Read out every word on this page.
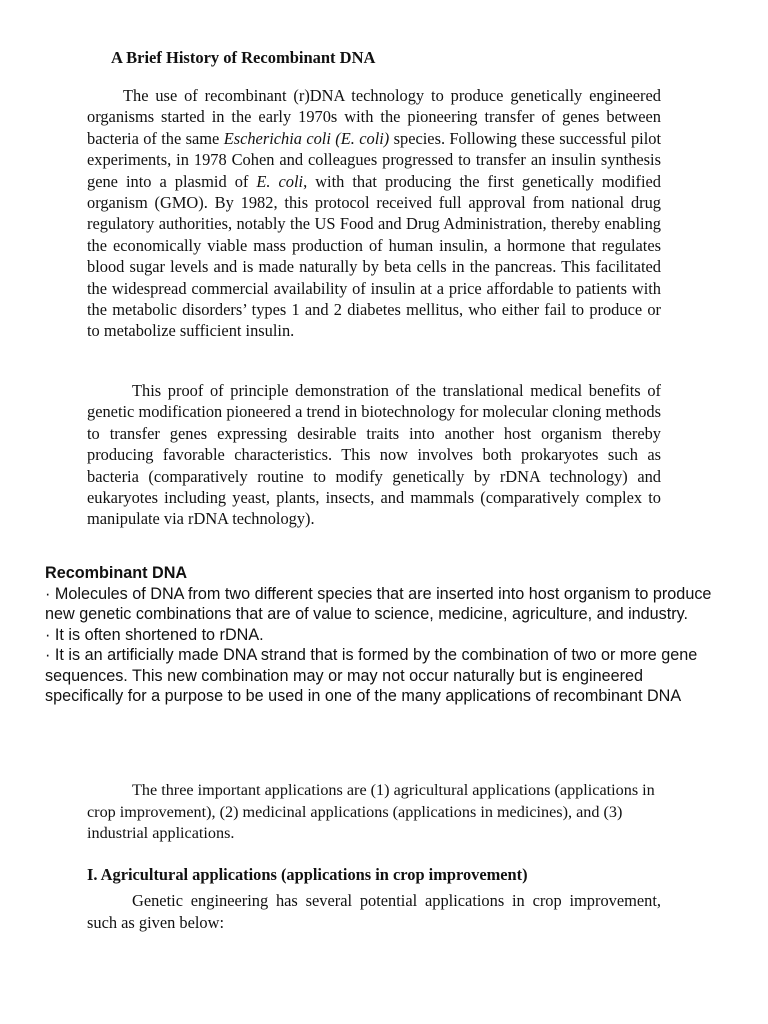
A Brief History of Recombinant DNA

The use of recombinant (r)DNA technology to produce genetically engineered organisms started in the early 1970s with the pioneering transfer of genes between bacteria of the same Escherichia coli (E. coli) species. Following these successful pilot experiments, in 1978 Cohen and colleagues progressed to transfer an insulin synthesis gene into a plasmid of E. coli, with that producing the first genetically modified organism (GMO). By 1982, this protocol received full approval from national drug regulatory authorities, notably the US Food and Drug Administration, thereby enabling the economically viable mass production of human insulin, a hormone that regulates blood sugar levels and is made naturally by beta cells in the pancreas. This facilitated the widespread commercial availability of insulin at a price affordable to patients with the metabolic disorders’ types 1 and 2 diabetes mellitus, who either fail to produce or to metabolize sufficient insulin.

This proof of principle demonstration of the translational medical benefits of genetic modification pioneered a trend in biotechnology for molecular cloning methods to transfer genes expressing desirable traits into another host organism thereby producing favorable characteristics. This now involves both prokaryotes such as bacteria (comparatively routine to modify genetically by rDNA technology) and eukaryotes including yeast, plants, insects, and mammals (comparatively complex to manipulate via rDNA technology).

Recombinant DNA

· Molecules of DNA from two different species that are inserted into host organism to produce new genetic combinations that are of value to science, medicine, agriculture, and industry.

· It is often shortened to rDNA.

· It is an artificially made DNA strand that is formed by the combination of two or more gene sequences. This new combination may or may not occur naturally but is engineered specifically for a purpose to be used in one of the many applications of recombinant DNA

The three important applications are (1) agricultural applications (applications in crop improvement), (2) medicinal applications (applications in medicines), and (3) industrial applications.

I. Agricultural applications (applications in crop improvement)

Genetic engineering has several potential applications in crop improvement, such as given below:
